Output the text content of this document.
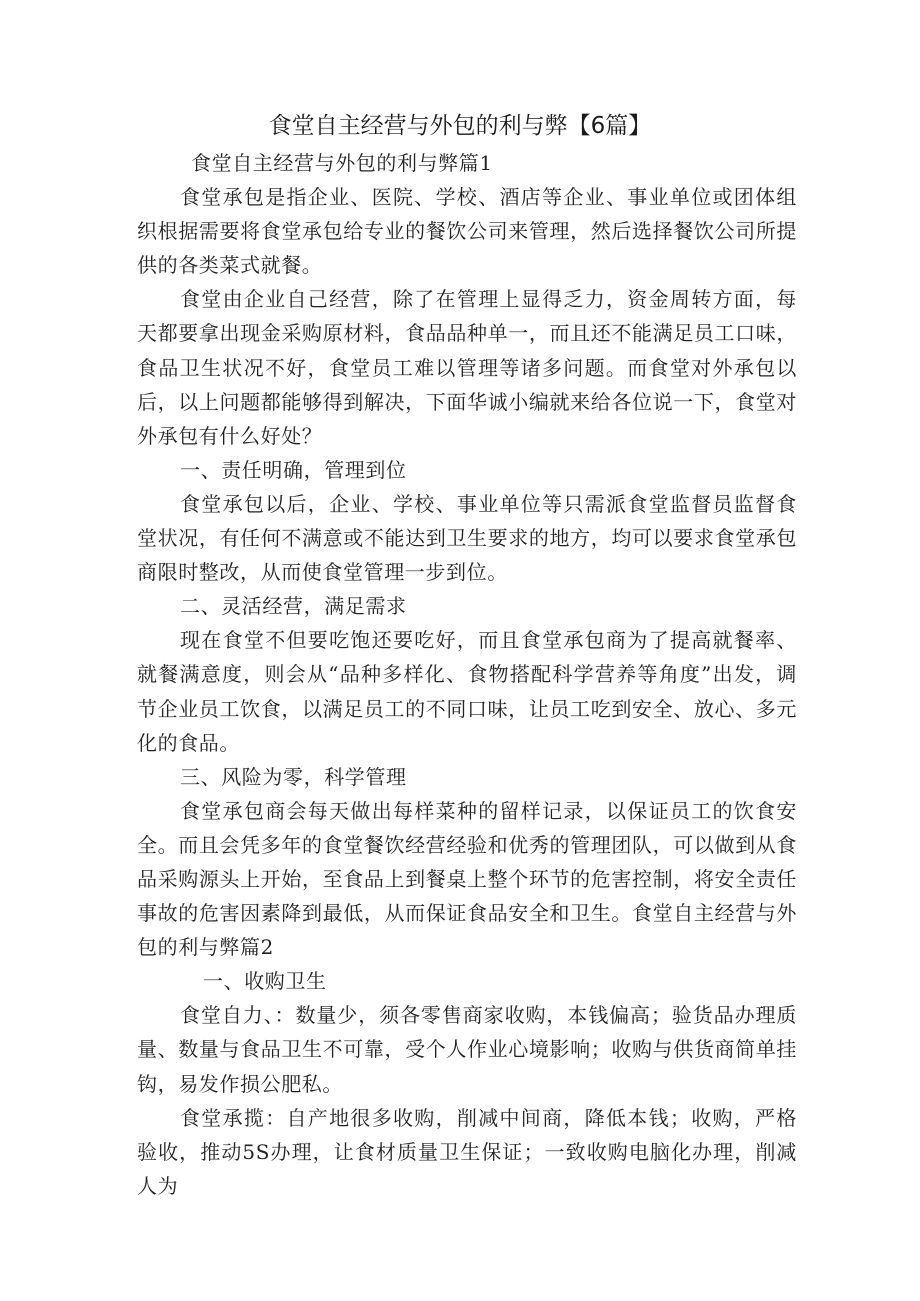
食堂自主经营与外包的利与弊【6篇】

食堂自主经营与外包的利与弊篇1

食堂承包是指企业、医院、学校、酒店等企业、事业单位或团体组织根据需要将食堂承包给专业的餐饮公司来管理，然后选择餐饮公司所提供的各类菜式就餐。

食堂由企业自己经营，除了在管理上显得乏力，资金周转方面，每天都要拿出现金采购原材料，食品品种单一，而且还不能满足员工口味，食品卫生状况不好，食堂员工难以管理等诸多问题。而食堂对外承包以后，以上问题都能够得到解决，下面华诚小编就来给各位说一下，食堂对外承包有什么好处？

一、责任明确，管理到位

食堂承包以后，企业、学校、事业单位等只需派食堂监督员监督食堂状况，有任何不满意或不能达到卫生要求的地方，均可以要求食堂承包商限时整改，从而使食堂管理一步到位。

二、灵活经营，满足需求

现在食堂不但要吃饱还要吃好，而且食堂承包商为了提高就餐率、就餐满意度，则会从“品种多样化、食物搭配科学营养等角度”出发，调节企业员工饮食，以满足员工的不同口味，让员工吃到安全、放心、多元化的食品。

三、风险为零，科学管理

食堂承包商会每天做出每样菜种的留样记录，以保证员工的饮食安全。而且会凭多年的食堂餐饮经营经验和优秀的管理团队，可以做到从食品采购源头上开始，至食品上到餐桌上整个环节的危害控制，将安全责任事故的危害因素降到最低，从而保证食品安全和卫生。食堂自主经营与外包的利与弊篇2

一、收购卫生

食堂自力、：数量少，须各零售商家收购，本钱偏高；验货品办理质量、数量与食品卫生不可靠，受个人作业心境影响；收购与供货商简单挂钩，易发作损公肥私。

食堂承揽：自产地很多收购，削减中间商，降低本钱；收购，严格验收，推动5S办理，让食材质量卫生保证；一致收购电脑化办理，削减人为
